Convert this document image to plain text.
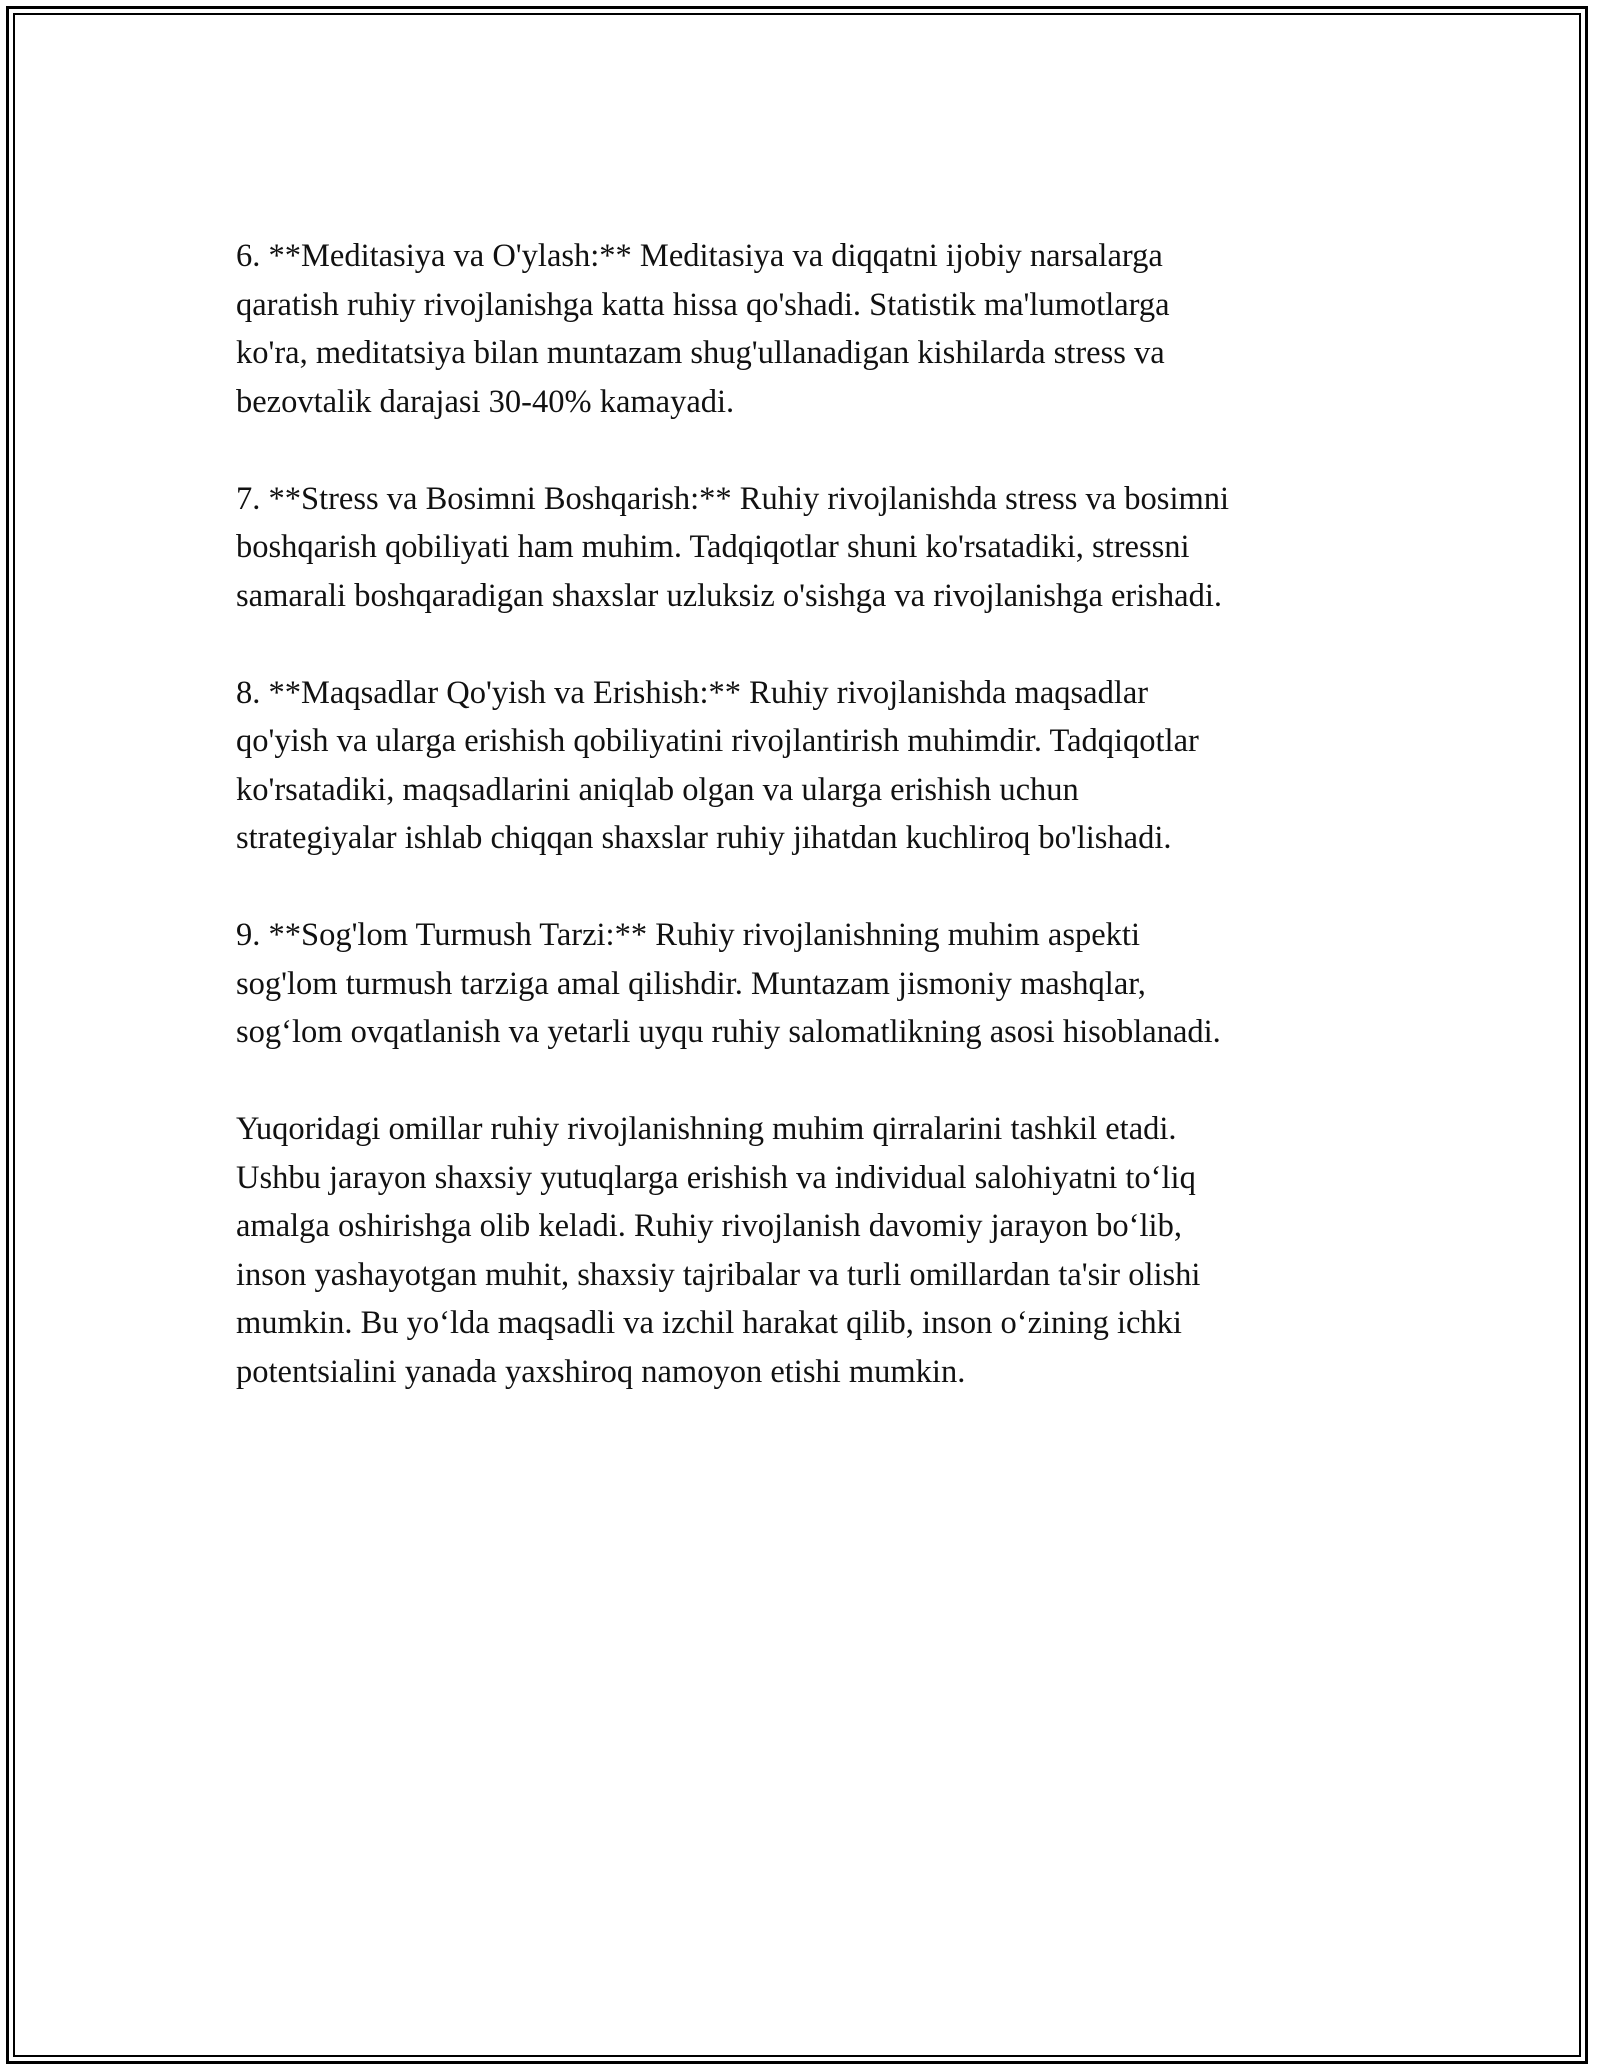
6. **Meditasiya va O'ylash:** Meditasiya va diqqatni ijobiy narsalarga
qaratish ruhiy rivojlanishga katta hissa qo'shadi. Statistik ma'lumotlarga
ko'ra, meditatsiya bilan muntazam shug'ullanadigan kishilarda stress va
bezovtalik darajasi 30-40% kamayadi.

7. **Stress va Bosimni Boshqarish:** Ruhiy rivojlanishda stress va bosimni
boshqarish qobiliyati ham muhim. Tadqiqotlar shuni ko'rsatadiki, stressni
samarali boshqaradigan shaxslar uzluksiz o'sishga va rivojlanishga erishadi.

8. **Maqsadlar Qo'yish va Erishish:** Ruhiy rivojlanishda maqsadlar
qo'yish va ularga erishish qobiliyatini rivojlantirish muhimdir. Tadqiqotlar
ko'rsatadiki, maqsadlarini aniqlab olgan va ularga erishish uchun
strategiyalar ishlab chiqqan shaxslar ruhiy jihatdan kuchliroq bo'lishadi.

9. **Sog'lom Turmush Tarzi:** Ruhiy rivojlanishning muhim aspekti
sog'lom turmush tarziga amal qilishdir. Muntazam jismoniy mashqlar,
sog‘lom ovqatlanish va yetarli uyqu ruhiy salomatlikning asosi hisoblanadi.

Yuqoridagi omillar ruhiy rivojlanishning muhim qirralarini tashkil etadi.
Ushbu jarayon shaxsiy yutuqlarga erishish va individual salohiyatni to‘liq
amalga oshirishga olib keladi. Ruhiy rivojlanish davomiy jarayon bo‘lib,
inson yashayotgan muhit, shaxsiy tajribalar va turli omillardan ta'sir olishi
mumkin. Bu yo‘lda maqsadli va izchil harakat qilib, inson o‘zining ichki
potentsialini yanada yaxshiroq namoyon etishi mumkin.
